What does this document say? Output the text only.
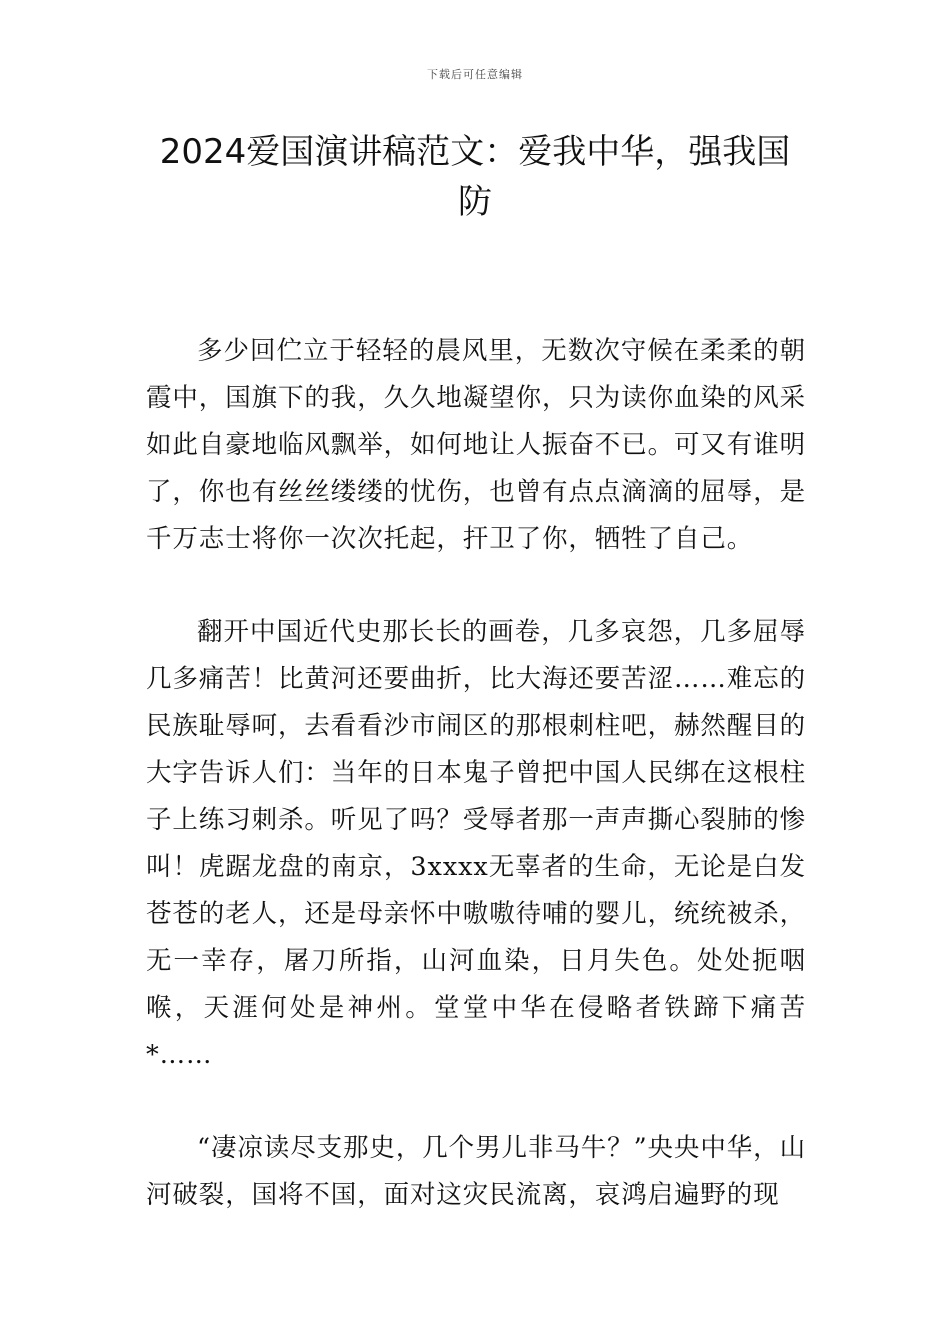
下载后可任意编辑
2024爱国演讲稿范文：爱我中华，强我国防

多少回伫立于轻轻的晨风里，无数次守候在柔柔的朝霞中，国旗下的我，久久地凝望你，只为读你血染的风采如此自豪地临风飘举，如何地让人振奋不已。可又有谁明了，你也有丝丝缕缕的忧伤，也曾有点点滴滴的屈辱，是千万志士将你一次次托起，扞卫了你，牺牲了自己。

翻开中国近代史那长长的画卷，几多哀怨，几多屈辱几多痛苦！比黄河还要曲折，比大海还要苦涩……难忘的民族耻辱呵，去看看沙市闹区的那根刺柱吧，赫然醒目的大字告诉人们：当年的日本鬼子曾把中国人民绑在这根柱子上练习刺杀。听见了吗？受辱者那一声声撕心裂肺的惨叫！虎踞龙盘的南京，3xxxx无辜者的生命，无论是白发苍苍的老人，还是母亲怀中嗷嗷待哺的婴儿，统统被杀，无一幸存，屠刀所指，山河血染，日月失色。处处扼咽喉，天涯何处是神州。堂堂中华在侵略者铁蹄下痛苦*……

“凄凉读尽支那史，几个男儿非马牛？”央央中华，山河破裂，国将不国，面对这灾民流离，哀鸿启遍野的现
